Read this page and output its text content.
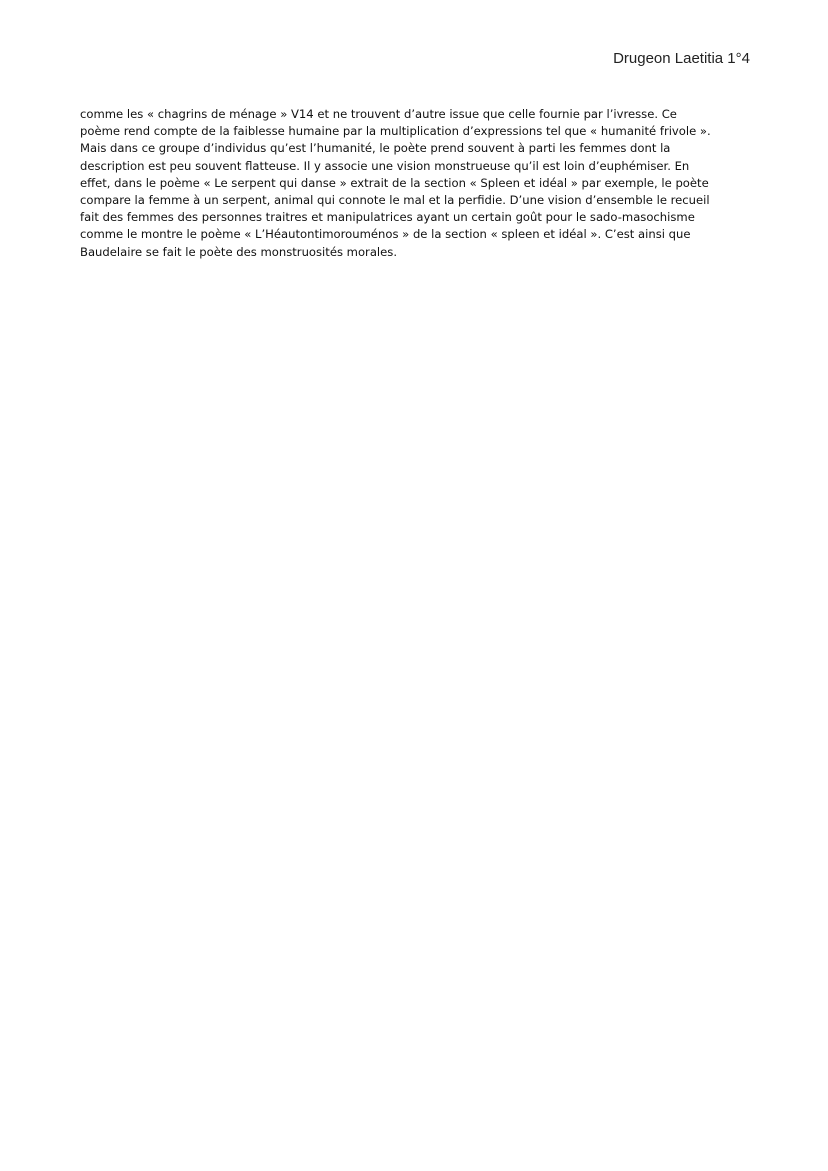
Drugeon Laetitia 1°4
comme les « chagrins de ménage » V14 et ne trouvent d’autre issue que celle fournie par l’ivresse. Ce
poème rend compte de la faiblesse humaine par la multiplication d’expressions tel que « humanité frivole ».
Mais dans ce groupe d’individus qu’est l’humanité, le poète prend souvent à parti les femmes dont la
description est peu souvent flatteuse. Il y associe une vision monstrueuse qu’il est loin d’euphémiser. En
effet, dans le poème « Le serpent qui danse » extrait de la section « Spleen et idéal » par exemple, le poète
compare la femme à un serpent, animal qui connote le mal et la perfidie. D’une vision d’ensemble le recueil
fait des femmes des personnes traitres et manipulatrices ayant un certain goût pour le sado-masochisme
comme le montre le poème « L’Héautontimorouménos » de la section « spleen et idéal ». C’est ainsi que
Baudelaire se fait le poète des monstruosités morales.
